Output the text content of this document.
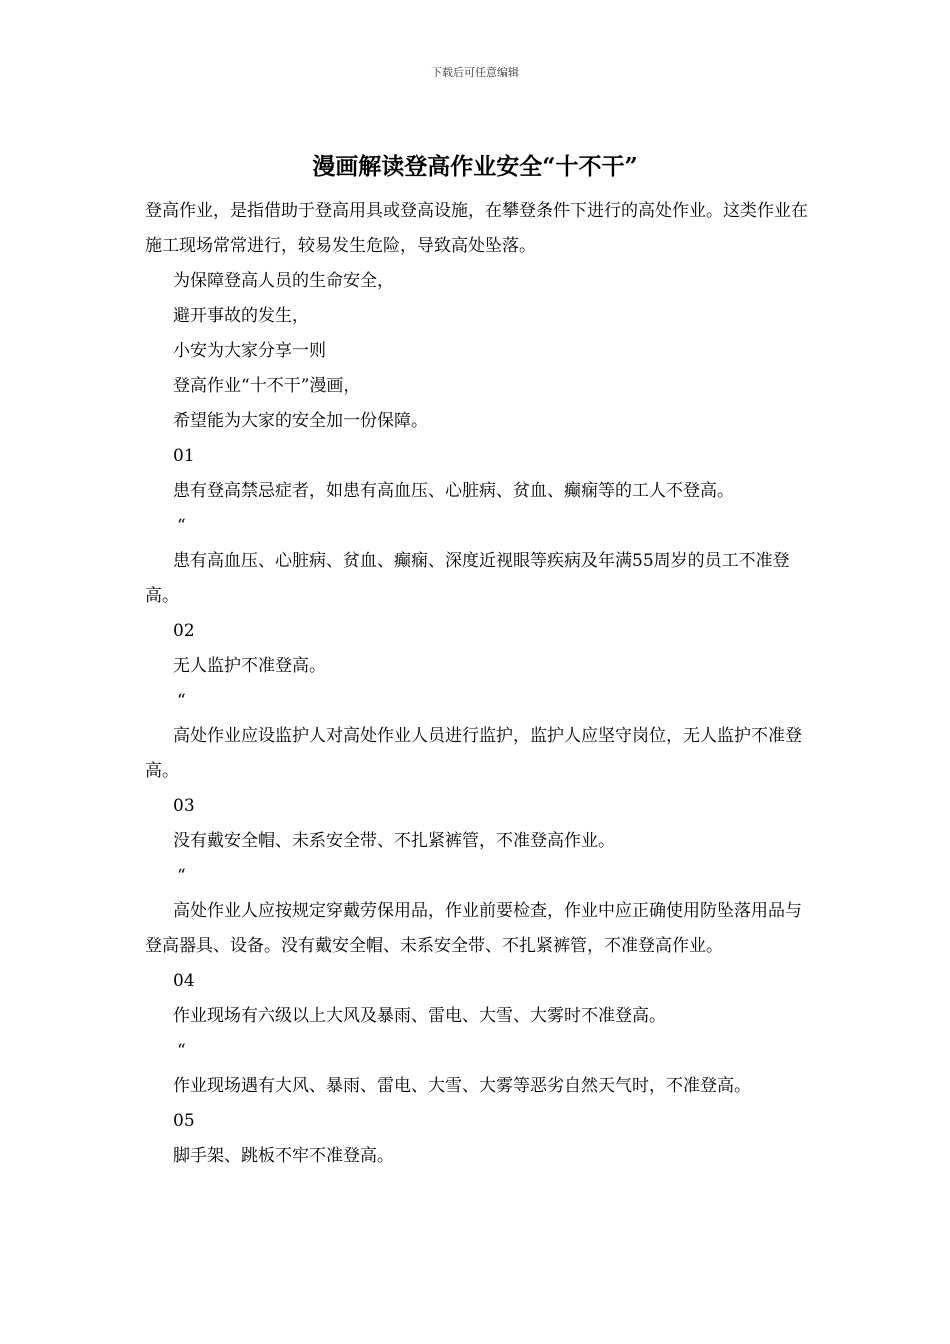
下载后可任意编辑
漫画解读登高作业安全“十不干”

登高作业，是指借助于登高用具或登高设施，在攀登条件下进行的高处作业。这类作业在施工现场常常进行，较易发生危险，导致高处坠落。

为保障登高人员的生命安全，

避开事故的发生，

小安为大家分享一则

登高作业“十不干”漫画，

希望能为大家的安全加一份保障。

01

患有登高禁忌症者，如患有高血压、心脏病、贫血、癫痫等的工人不登高。

“

患有高血压、心脏病、贫血、癫痫、深度近视眼等疾病及年满55周岁的员工不准登高。

02

无人监护不准登高。

“

高处作业应设监护人对高处作业人员进行监护，监护人应坚守岗位，无人监护不准登高。

03

没有戴安全帽、未系安全带、不扎紧裤管，不准登高作业。

“

高处作业人应按规定穿戴劳保用品，作业前要检查，作业中应正确使用防坠落用品与登高器具、设备。没有戴安全帽、未系安全带、不扎紧裤管，不准登高作业。

04

作业现场有六级以上大风及暴雨、雷电、大雪、大雾时不准登高。

“

作业现场遇有大风、暴雨、雷电、大雪、大雾等恶劣自然天气时，不准登高。

05

脚手架、跳板不牢不准登高。
